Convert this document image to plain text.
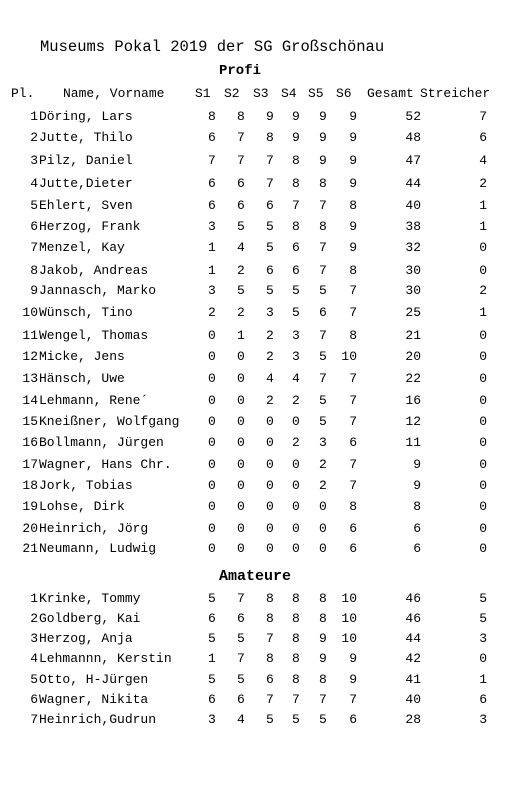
Museums Pokal 2019 der SG Großschönau
Profi
Pl. Name, Vorname S1 S2 S3 S4 S5 S6 Gesamt Streicher
1 Döring, Lars	8 8 9 9 9 9	52	7
2 Jutte, Thilo	6 7 8 9 9 9	48	6
3 Pilz, Daniel	7 7 7 8 9 9	47	4
4 Jutte,Dieter	6 6 7 8 8 9	44	2
5 Ehlert, Sven	6 6 6 7 7 8	40	1
6 Herzog, Frank	3 5 5 8 8 9	38	1
7 Menzel, Kay	1 4 5 6 7 9	32	0
8 Jakob, Andreas	1 2 6 6 7 8	30	0
9 Jannasch, Marko	3 5 5 5 5 7	30	2
10 Wünsch, Tino	2 2 3 5 6 7	25	1
11 Wengel, Thomas	0 1 2 3 7 8	21	0
12 Micke, Jens	0 0 2 3 5 10	20	0
13 Hänsch, Uwe	0 0 4 4 7 7	22	0
14 Lehmann, Rene´	0 0 2 2 5 7	16	0
15 Kneißner, Wolfgang 0 0 0 0 5 7	12	0
16 Bollmann, Jürgen	0 0 0 2 3 6	11	0
17 Wagner, Hans Chr.	0 0 0 0 2 7	9	0
18 Jork, Tobias	0 0 0 0 2 7	9	0
19 Lohse, Dirk	0 0 0 0 0 8	8	0
20 Heinrich, Jörg	0 0 0 0 0 6	6	0
21 Neumann, Ludwig	0 0 0 0 0 6	6	0
Amateure
1 Krinke, Tommy	5 7 8 8 8 10	46	5
2 Goldberg, Kai	6 6 8 8 8 10	46	5
3 Herzog, Anja	5 5 7 8 9 10	44	3
4 Lehmannn, Kerstin	1 7 8 8 9 9	42	0
5 Otto, H-Jürgen	5 5 6 8 8 9	41	1
6 Wagner, Nikita	6 6 7 7 7 7	40	6
7 Heinrich,Gudrun	3 4 5 5 5 6	28	3
